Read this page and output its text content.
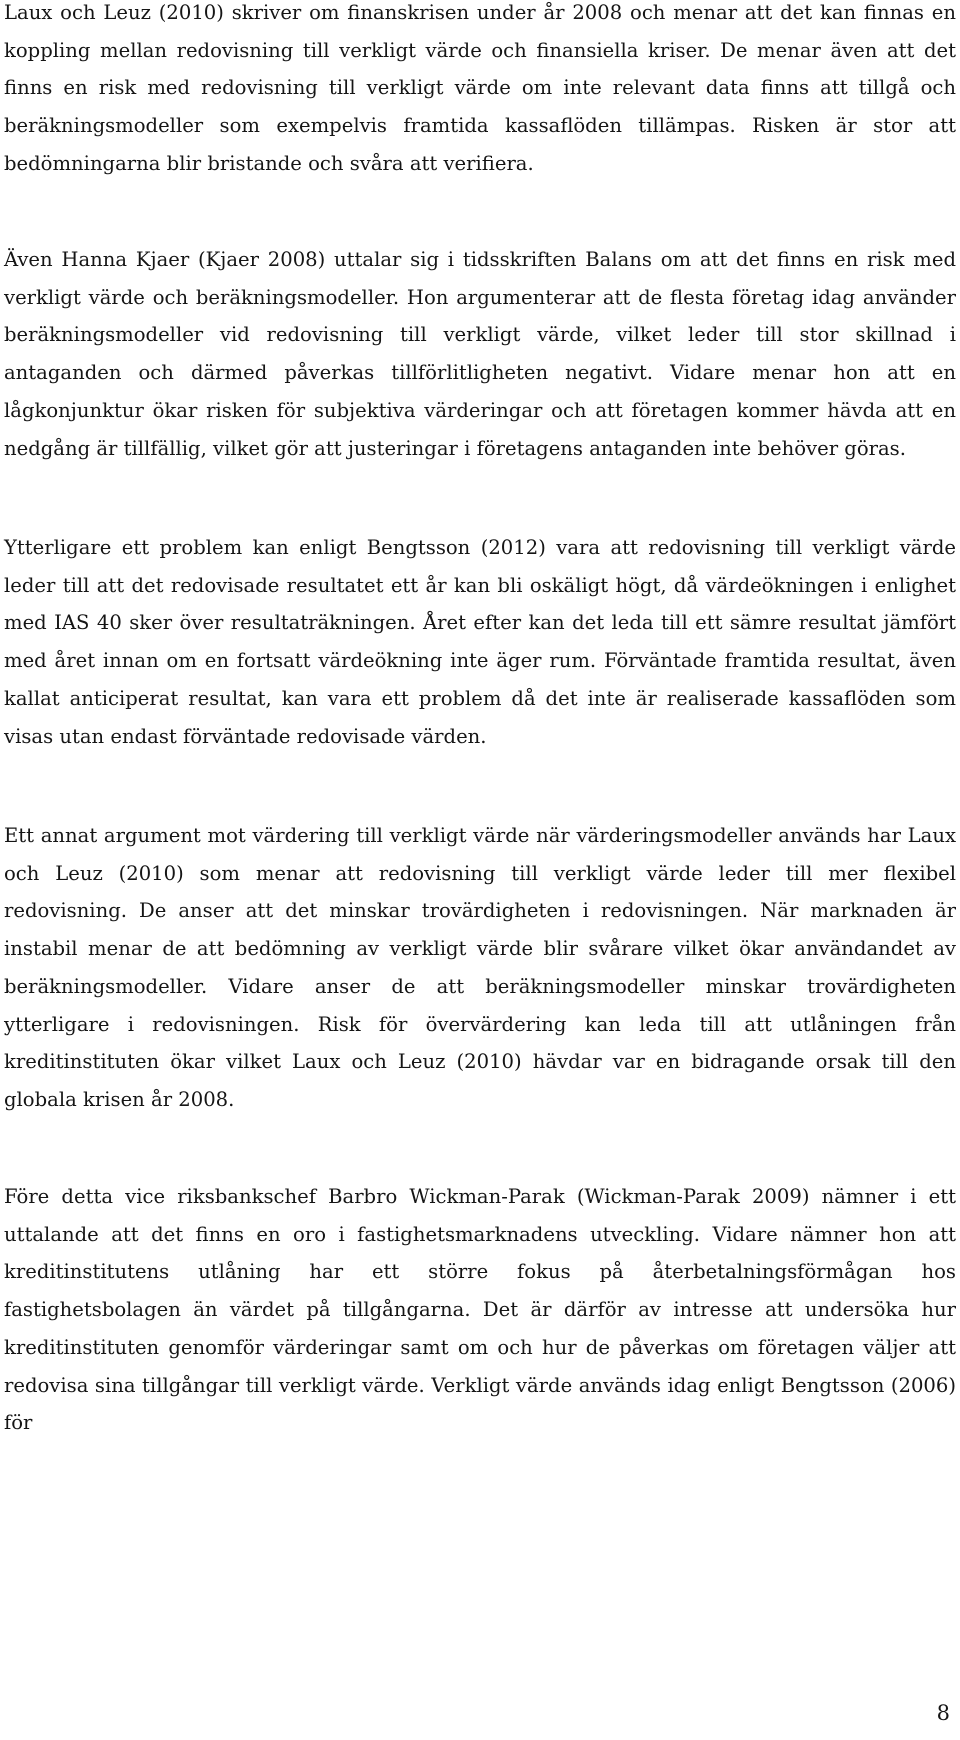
Laux och Leuz (2010) skriver om finanskrisen under år 2008 och menar att det kan finnas en koppling mellan redovisning till verkligt värde och finansiella kriser. De menar även att det finns en risk med redovisning till verkligt värde om inte relevant data finns att tillgå och beräkningsmodeller som exempelvis framtida kassaflöden tillämpas. Risken är stor att bedömningarna blir bristande och svåra att verifiera.

Även Hanna Kjaer (Kjaer 2008) uttalar sig i tidsskriften Balans om att det finns en risk med verkligt värde och beräkningsmodeller. Hon argumenterar att de flesta företag idag använder beräkningsmodeller vid redovisning till verkligt värde, vilket leder till stor skillnad i antaganden och därmed påverkas tillförlitligheten negativt. Vidare menar hon att en lågkonjunktur ökar risken för subjektiva värderingar och att företagen kommer hävda att en nedgång är tillfällig, vilket gör att justeringar i företagens antaganden inte behöver göras.

Ytterligare ett problem kan enligt Bengtsson (2012) vara att redovisning till verkligt värde leder till att det redovisade resultatet ett år kan bli oskäligt högt, då värdeökningen i enlighet med IAS 40 sker över resultaträkningen. Året efter kan det leda till ett sämre resultat jämfört med året innan om en fortsatt värdeökning inte äger rum. Förväntade framtida resultat, även kallat anticiperat resultat, kan vara ett problem då det inte är realiserade kassaflöden som visas utan endast förväntade redovisade värden.

Ett annat argument mot värdering till verkligt värde när värderingsmodeller används har Laux och Leuz (2010) som menar att redovisning till verkligt värde leder till mer flexibel redovisning. De anser att det minskar trovärdigheten i redovisningen. När marknaden är instabil menar de att bedömning av verkligt värde blir svårare vilket ökar användandet av beräkningsmodeller. Vidare anser de att beräkningsmodeller minskar trovärdigheten ytterligare i redovisningen. Risk för övervärdering kan leda till att utlåningen från kreditinstituten ökar vilket Laux och Leuz (2010) hävdar var en bidragande orsak till den globala krisen år 2008.

Före detta vice riksbankschef Barbro Wickman-Parak (Wickman-Parak 2009) nämner i ett uttalande att det finns en oro i fastighetsmarknadens utveckling. Vidare nämner hon att kreditinstitutens utlåning har ett större fokus på återbetalningsförmågan hos fastighetsbolagen än värdet på tillgångarna. Det är därför av intresse att undersöka hur kreditinstituten genomför värderingar samt om och hur de påverkas om företagen väljer att redovisa sina tillgångar till verkligt värde. Verkligt värde används idag enligt Bengtsson (2006) för

8
